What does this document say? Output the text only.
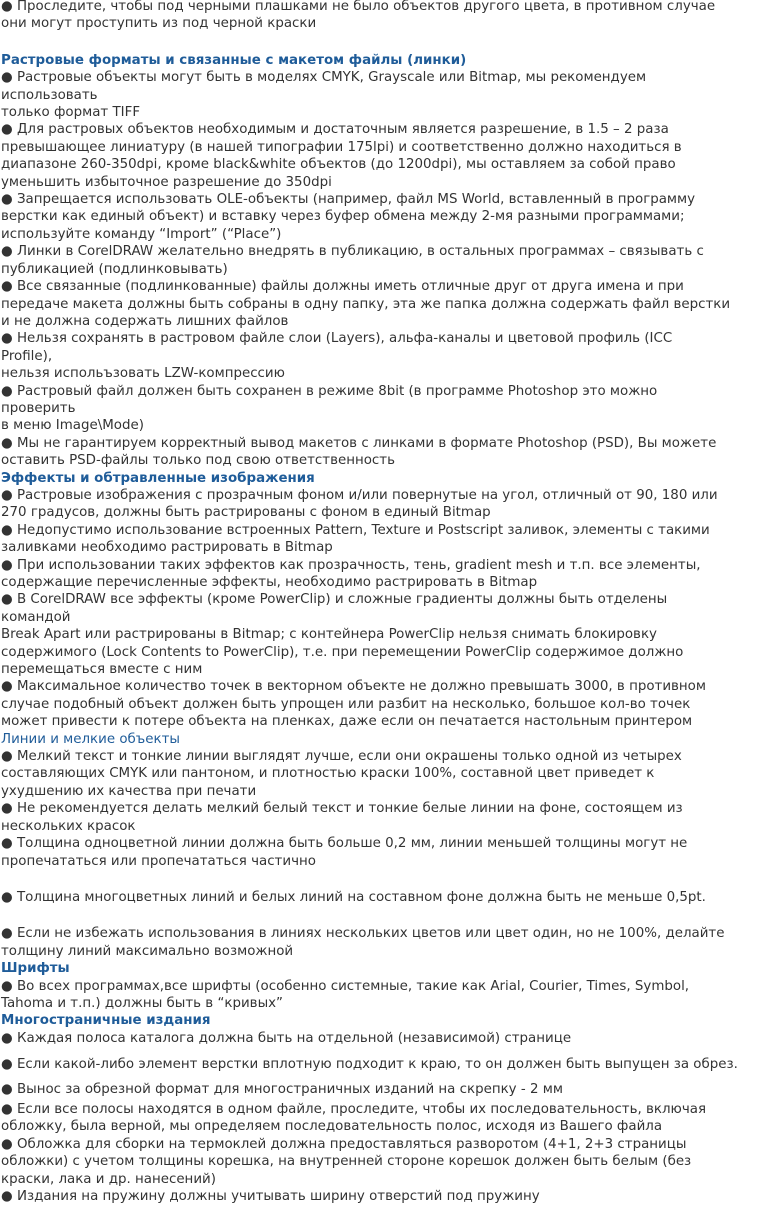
● Проследите, чтобы под черными плашками не было объектов другого цвета, в противном случае
они могут проступить из под черной краски

Растровые форматы и связанные с макетом файлы (линки)

● Растровые объекты могут быть в моделях CMYK, Grayscale или Bitmap, мы рекомендуем
использовать
только формат TIFF

● Для растровых объектов необходимым и достаточным является разрешение, в 1.5 – 2 раза
превышающее линиатуру (в нашей типографии 175lpi) и соответственно должно находиться в
диапазоне 260-350dpi, кроме black&white объектов (до 1200dpi), мы оставляем за собой право
уменьшить избыточное разрешение до 350dpi

● Запрещается использовать OLE-объекты (например, файл MS World, вставленный в программу
верстки как единый объект) и вставку через буфер обмена между 2-мя разными программами;
используйте команду “Import” (“Place”)

● Линки в CorelDRAW желательно внедрять в публикацию, в остальных программах – связывать с
публикацией (подлинковывать)

● Все связанные (подлинкованные) файлы должны иметь отличные друг от друга имена и при
передаче макета должны быть собраны в одну папку, эта же папка должна содержать файл верстки
и не должна содержать лишних файлов

● Нельзя сохранять в растровом файле слои (Layers), альфа-каналы и цветовой профиль (ICC
Profile),
нельзя испольъзовать LZW-компрессию

● Растровый файл должен быть сохранен в режиме 8bit (в программе Photoshop это можно
проверить
в меню Image\Mode)

● Мы не гарантируем корректный вывод макетов с линками в формате Photoshop (PSD), Вы можете
оставить PSD-файлы только под свою ответственность

Эффекты и обтравленные изображения

● Растровые изображения с прозрачным фоном и/или повернутые на угол, отличный от 90, 180 или
270 градусов, должны быть растрированы с фоном в единый Bitmap

● Недопустимо использование встроенных Pattern, Texture и Postscript заливок, элементы с такими
заливками необходимо растрировать в Bitmap

● При использовании таких эффектов как прозрачность, тень, gradient mesh и т.п. все элементы,
содержащие перечисленные эффекты, необходимо растрировать в Bitmap

● В CorelDRAW все эффекты (кроме PowerClip) и сложные градиенты должны быть отделены
командой
Break Apart или растрированы в Bitmap; с контейнера PowerClip нельзя снимать блокировку
содержимого (Lock Contents to PowerClip), т.е. при перемещении PowerClip содержимое должно
перемещаться вместе с ним

● Максимальное количество точек в векторном объекте не должно превышать 3000, в противном
случае подобный объект должен быть упрощен или разбит на несколько, большое кол-во точек
может привести к потере объекта на пленках, даже если он печатается настольным принтером

Линии и мелкие объекты

● Мелкий текст и тонкие линии выглядят лучше, если они окрашены только одной из четырех
составляющих CMYK или пантоном, и плотностью краски 100%, составной цвет приведет к
ухудшению их качества при печати

● Не рекомендуется делать мелкий белый текст и тонкие белые линии на фоне, состоящем из
нескольких красок

● Толщина одноцветной линии должна быть больше 0,2 мм, линии меньшей толщины могут не
пропечататься или пропечататься частично

● Толщина многоцветных линий и белых линий на составном фоне должна быть не меньше 0,5pt.

● Если не избежать использования в линиях нескольких цветов или цвет один, но не 100%, делайте
толщину линий максимально возможной

Шрифты

● Во всех программах,все шрифты (особенно системные, такие как Arial, Courier, Times, Symbol,
Tahoma и т.п.) должны быть в “кривых”

Многостраничные издания

● Каждая полоса каталога должна быть на отдельной (независимой) странице

● Если какой-либо элемент верстки вплотную подходит к краю, то он должен быть выпущен за обрез.

● Вынос за обрезной формат для многостраничных изданий на скрепку - 2 мм

● Если все полосы находятся в одном файле, проследите, чтобы их последовательность, включая
обложку, была верной, мы определяем последовательность полос, исходя из Вашего файла

● Обложка для сборки на термоклей должна предоставляться разворотом (4+1, 2+3 страницы
обложки) с учетом толщины корешка, на внутренней стороне корешок должен быть белым (без
краски, лака и др. нанесений)

● Издания на пружину должны учитывать ширину отверстий под пружину
